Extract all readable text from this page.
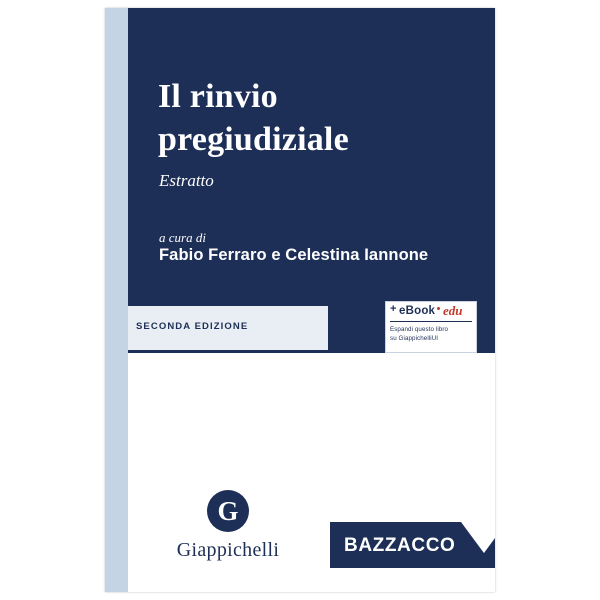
Il rinvio
pregiudiziale
Estratto
a cura di
Fabio Ferraro e Celestina Iannone
SECONDA EDIZIONE
+ eBook edu
Espandi questo libro
su GiappichelliUI
G
Giappichelli	BAZZACCO
